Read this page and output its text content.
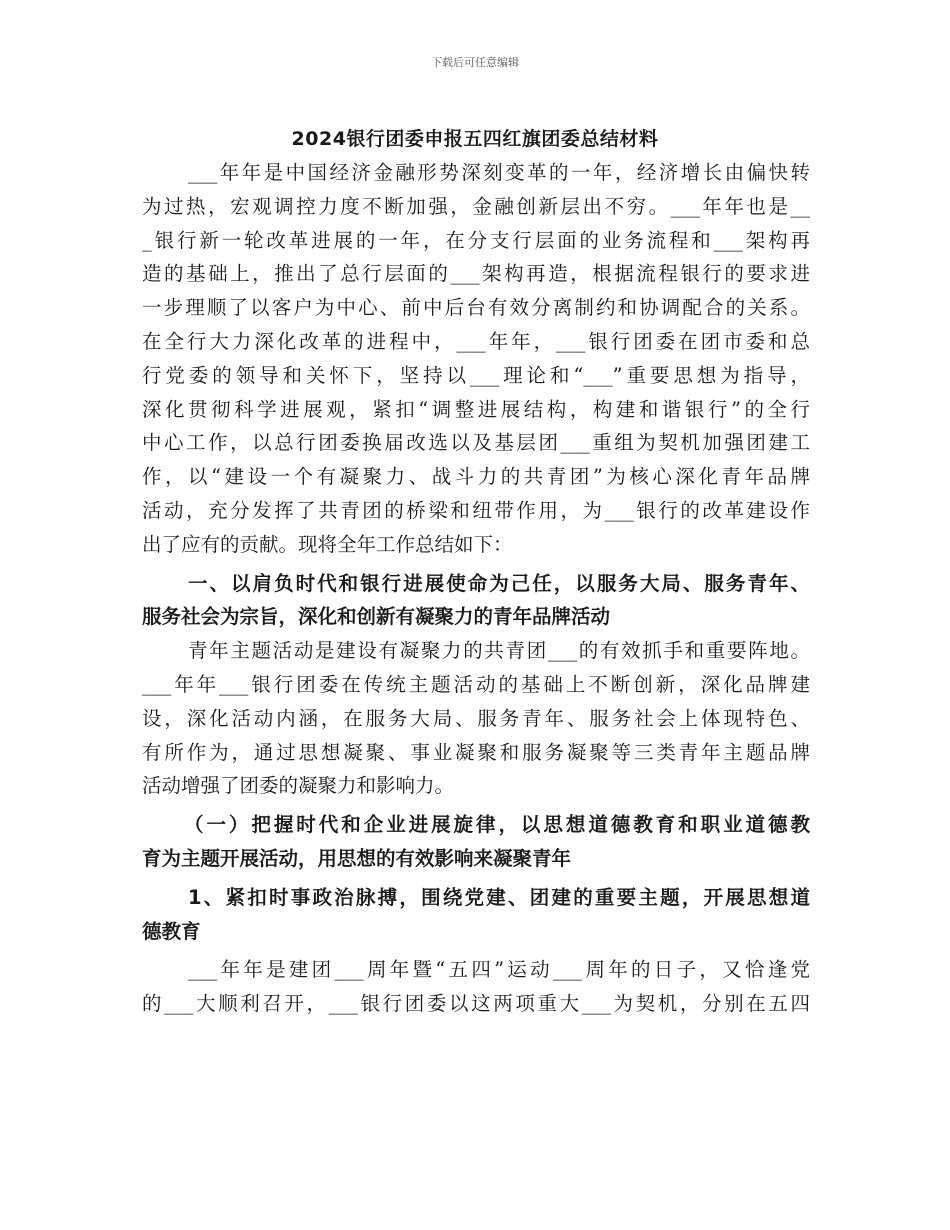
下载后可任意编辑
2024银行团委申报五四红旗团委总结材料
___年年是中国经济金融形势深刻变革的一年，经济增长由偏快转
为过热，宏观调控力度不断加强，金融创新层出不穷。___年年也是__
_银行新一轮改革进展的一年，在分支行层面的业务流程和___架构再
造的基础上，推出了总行层面的___架构再造，根据流程银行的要求进
一步理顺了以客户为中心、前中后台有效分离制约和协调配合的关系。
在全行大力深化改革的进程中，___年年，___银行团委在团市委和总
行党委的领导和关怀下，坚持以___理论和“___”重要思想为指导，
深化贯彻科学进展观，紧扣“调整进展结构，构建和谐银行”的全行
中心工作，以总行团委换届改选以及基层团___重组为契机加强团建工
作，以“建设一个有凝聚力、战斗力的共青团”为核心深化青年品牌
活动，充分发挥了共青团的桥梁和纽带作用，为___银行的改革建设作
出了应有的贡献。现将全年工作总结如下：
一、以肩负时代和银行进展使命为己任，以服务大局、服务青年、
服务社会为宗旨，深化和创新有凝聚力的青年品牌活动
青年主题活动是建设有凝聚力的共青团___的有效抓手和重要阵地。
___年年___银行团委在传统主题活动的基础上不断创新，深化品牌建
设，深化活动内涵，在服务大局、服务青年、服务社会上体现特色、
有所作为，通过思想凝聚、事业凝聚和服务凝聚等三类青年主题品牌
活动增强了团委的凝聚力和影响力。
（一）把握时代和企业进展旋律，以思想道德教育和职业道德教
育为主题开展活动，用思想的有效影响来凝聚青年
1、紧扣时事政治脉搏，围绕党建、团建的重要主题，开展思想道
德教育
___年年是建团___周年暨“五四”运动___周年的日子，又恰逢党
的___大顺利召开，___银行团委以这两项重大___为契机，分别在五四
